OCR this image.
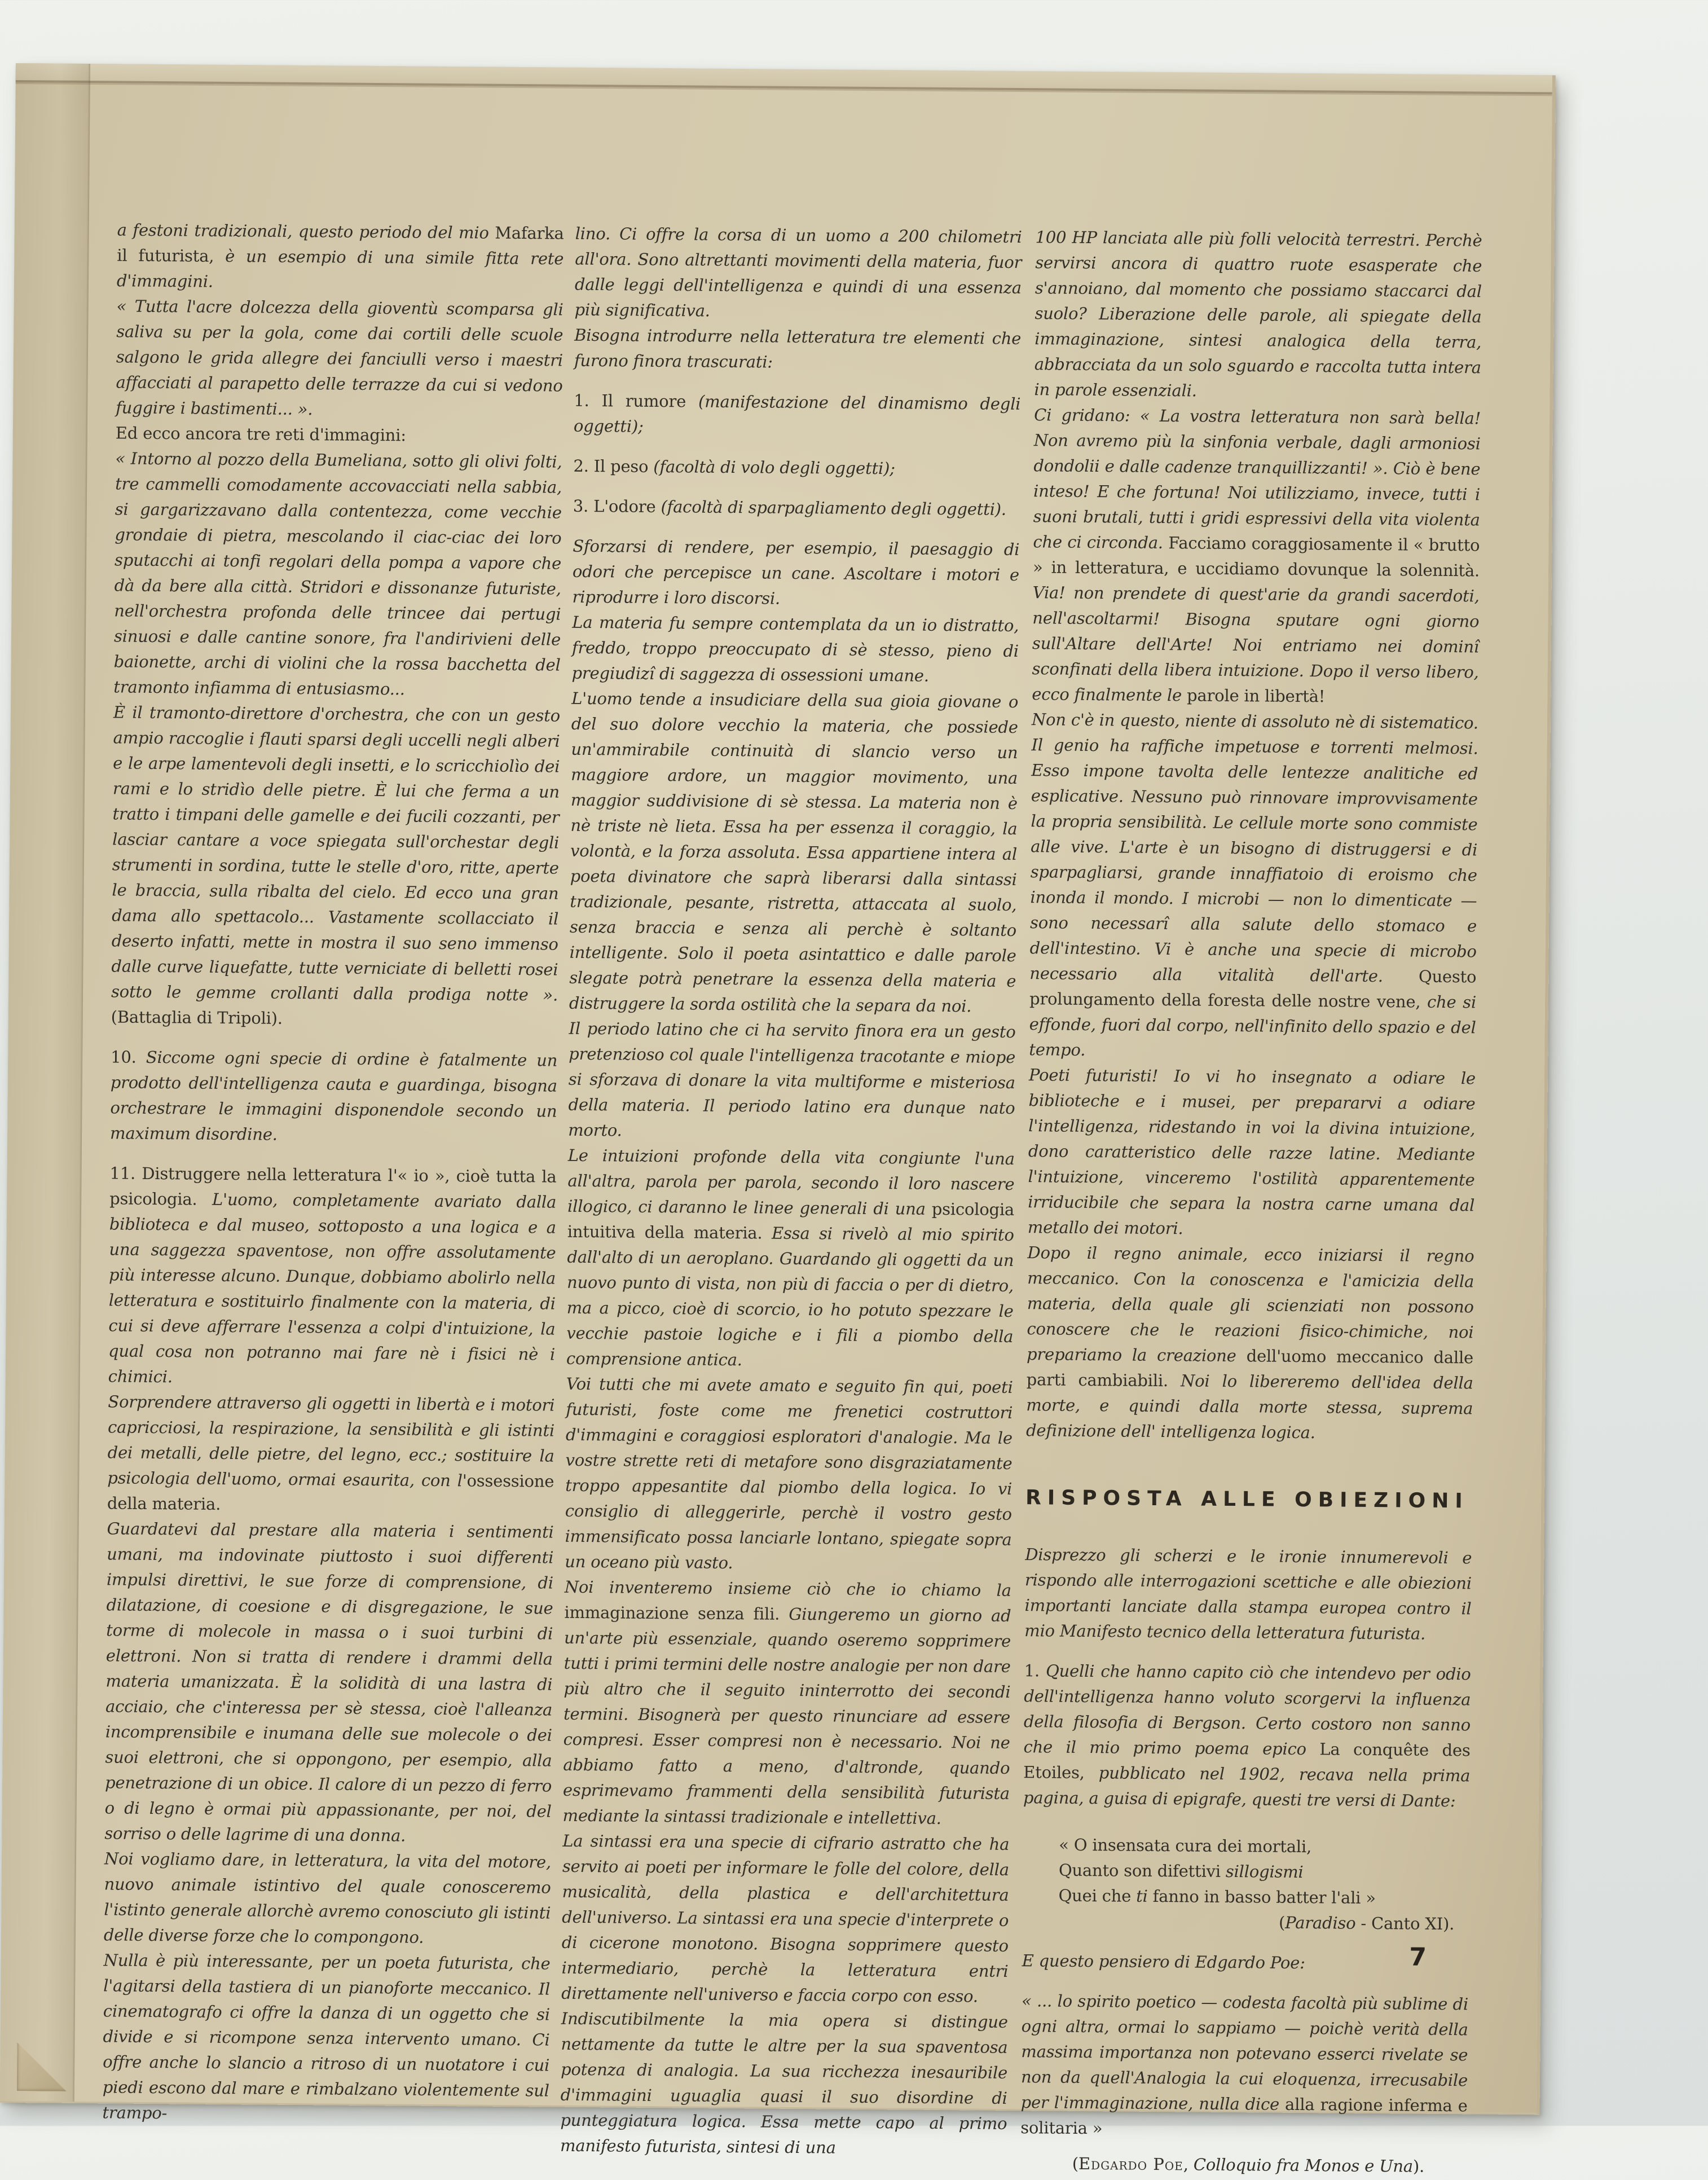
a festoni tradizionali, questo periodo del mio Mafarka il futurista, è un esempio di una simile fitta rete d'immagini.

« Tutta l'acre dolcezza della gioventù scomparsa gli saliva su per la gola, come dai cortili delle scuole salgono le grida allegre dei fanciulli verso i maestri affacciati al parapetto delle terrazze da cui si vedono fuggire i bastimenti... ».

Ed ecco ancora tre reti d'immagini:

« Intorno al pozzo della Bumeliana, sotto gli olivi folti, tre cammelli comodamente accovacciati nella sabbia, si gargarizzavano dalla contentezza, come vecchie grondaie di pietra, mescolando il ciac-ciac dei loro sputacchi ai tonfi regolari della pompa a vapore che dà da bere alla città. Stridori e dissonanze futuriste, nell'orchestra profonda delle trincee dai pertugi sinuosi e dalle cantine sonore, fra l'andirivieni delle baionette, archi di violini che la rossa bacchetta del tramonto infiamma di entusiasmo...

È il tramonto-direttore d'orchestra, che con un gesto ampio raccoglie i flauti sparsi degli uccelli negli alberi e le arpe lamentevoli degli insetti, e lo scricchiolìo dei rami e lo stridìo delle pietre. È lui che ferma a un tratto i timpani delle gamelle e dei fucili cozzanti, per lasciar cantare a voce spiegata sull'orchestar degli strumenti in sordina, tutte le stelle d'oro, ritte, aperte le braccia, sulla ribalta del cielo. Ed ecco una gran dama allo spettacolo... Vastamente scollacciato il deserto infatti, mette in mostra il suo seno immenso dalle curve liquefatte, tutte verniciate di belletti rosei sotto le gemme crollanti dalla prodiga notte ». (Battaglia di Tripoli).

10. Siccome ogni specie di ordine è fatalmente un prodotto dell'intelligenza cauta e guardinga, bisogna orchestrare le immagini disponendole secondo un maximum disordine.

11. Distruggere nella letteratura l'« io », cioè tutta la psicologia. L'uomo, completamente avariato dalla biblioteca e dal museo, sottoposto a una logica e a una saggezza spaventose, non offre assolutamente più interesse alcuno. Dunque, dobbiamo abolirlo nella letteratura e sostituirlo finalmente con la materia, di cui si deve afferrare l'essenza a colpi d'intuizione, la qual cosa non potranno mai fare nè i fisici nè i chimici.

Sorprendere attraverso gli oggetti in libertà e i motori capricciosi, la respirazione, la sensibilità e gli istinti dei metalli, delle pietre, del legno, ecc.; sostituire la psicologia dell'uomo, ormai esaurita, con l'ossessione della materia.

Guardatevi dal prestare alla materia i sentimenti umani, ma indovinate piuttosto i suoi differenti impulsi direttivi, le sue forze di comprensione, di dilatazione, di coesione e di disgregazione, le sue torme di molecole in massa o i suoi turbini di elettroni. Non si tratta di rendere i drammi della materia umanizzata. È la solidità di una lastra di acciaio, che c'interessa per sè stessa, cioè l'alleanza incomprensibile e inumana delle sue molecole o dei suoi elettroni, che si oppongono, per esempio, alla penetrazione di un obice. Il calore di un pezzo di ferro o di legno è ormai più appassionante, per noi, del sorriso o delle lagrime di una donna.

Noi vogliamo dare, in letteratura, la vita del motore, nuovo animale istintivo del quale conosceremo l'istinto generale allorchè avremo conosciuto gli istinti delle diverse forze che lo compongono.

Nulla è più interessante, per un poeta futurista, che l'agitarsi della tastiera di un pianoforte meccanico. Il cinematografo ci offre la danza di un oggetto che si divide e si ricompone senza intervento umano. Ci offre anche lo slancio a ritroso di un nuotatore i cui piedi escono dal mare e rimbalzano violentemente sul trampo-

lino. Ci offre la corsa di un uomo a 200 chilometri all'ora. Sono altrettanti movimenti della materia, fuor dalle leggi dell'intelligenza e quindi di una essenza più significativa.

Bisogna introdurre nella letteratura tre elementi che furono finora trascurati:

1. Il rumore (manifestazione del dinamismo degli oggetti);

2. Il peso (facoltà di volo degli oggetti);

3. L'odore (facoltà di sparpagliamento degli oggetti).

Sforzarsi di rendere, per esempio, il paesaggio di odori che percepisce un cane. Ascoltare i motori e riprodurre i loro discorsi.

La materia fu sempre contemplata da un io distratto, freddo, troppo preoccupato di sè stesso, pieno di pregiudizî di saggezza di ossessioni umane.

L'uomo tende a insudiciare della sua gioia giovane o del suo dolore vecchio la materia, che possiede un'ammirabile continuità di slancio verso un maggiore ardore, un maggior movimento, una maggior suddivisione di sè stessa. La materia non è nè triste nè lieta. Essa ha per essenza il coraggio, la volontà, e la forza assoluta. Essa appartiene intera al poeta divinatore che saprà liberarsi dalla sintassi tradizionale, pesante, ristretta, attaccata al suolo, senza braccia e senza ali perchè è soltanto intelligente. Solo il poeta asintattico e dalle parole slegate potrà penetrare la essenza della materia e distruggere la sorda ostilità che la separa da noi.

Il periodo latino che ci ha servito finora era un gesto pretenzioso col quale l'intelligenza tracotante e miope si sforzava di donare la vita multiforme e misteriosa della materia. Il periodo latino era dunque nato morto.

Le intuizioni profonde della vita congiunte l'una all'altra, parola per parola, secondo il loro nascere illogico, ci daranno le linee generali di una psicologia intuitiva della materia. Essa si rivelò al mio spirito dall'alto di un aeroplano. Guardando gli oggetti da un nuovo punto di vista, non più di faccia o per di dietro, ma a picco, cioè di scorcio, io ho potuto spezzare le vecchie pastoie logiche e i fili a piombo della comprensione antica.

Voi tutti che mi avete amato e seguito fin qui, poeti futuristi, foste come me frenetici costruttori d'immagini e coraggiosi esploratori d'analogie. Ma le vostre strette reti di metafore sono disgraziatamente troppo appesantite dal piombo della logica. Io vi consiglio di alleggerirle, perchè il vostro gesto immensificato possa lanciarle lontano, spiegate sopra un oceano più vasto.

Noi inventeremo insieme ciò che io chiamo la immaginazione senza fili. Giungeremo un giorno ad un'arte più essenziale, quando oseremo sopprimere tutti i primi termini delle nostre analogie per non dare più altro che il seguito ininterrotto dei secondi termini. Bisognerà per questo rinunciare ad essere compresi. Esser compresi non è necessario. Noi ne abbiamo fatto a meno, d'altronde, quando esprimevamo frammenti della sensibilità futurista mediante la sintassi tradizionale e intellettiva.

La sintassi era una specie di cifrario astratto che ha servito ai poeti per informare le folle del colore, della musicalità, della plastica e dell'architettura dell'universo. La sintassi era una specie d'interprete o di cicerone monotono. Bisogna sopprimere questo intermediario, perchè la letteratura entri direttamente nell'universo e faccia corpo con esso.

Indiscutibilmente la mia opera si distingue nettamente da tutte le altre per la sua spaventosa potenza di analogia. La sua ricchezza inesauribile d'immagini uguaglia quasi il suo disordine di punteggiatura logica. Essa mette capo al primo manifesto futurista, sintesi di una

100 HP lanciata alle più folli velocità terrestri. Perchè servirsi ancora di quattro ruote esasperate che s'annoiano, dal momento che possiamo staccarci dal suolo? Liberazione delle parole, ali spiegate della immaginazione, sintesi analogica della terra, abbracciata da un solo sguardo e raccolta tutta intera in parole essenziali.

Ci gridano: « La vostra letteratura non sarà bella! Non avremo più la sinfonia verbale, dagli armoniosi dondolii e dalle cadenze tranquillizzanti! ». Ciò è bene inteso! E che fortuna! Noi utilizziamo, invece, tutti i suoni brutali, tutti i gridi espressivi della vita violenta che ci circonda. Facciamo coraggiosamente il « brutto » in letteratura, e uccidiamo dovunque la solennità. Via! non prendete di quest'arie da grandi sacerdoti, nell'ascoltarmi! Bisogna sputare ogni giorno sull'Altare dell'Arte! Noi entriamo nei dominî sconfinati della libera intuizione. Dopo il verso libero, ecco finalmente le parole in libertà!

Non c'è in questo, niente di assoluto nè di sistematico. Il genio ha raffiche impetuose e torrenti melmosi. Esso impone tavolta delle lentezze analitiche ed esplicative. Nessuno può rinnovare improvvisamente la propria sensibilità. Le cellule morte sono commiste alle vive. L'arte è un bisogno di distruggersi e di sparpagliarsi, grande innaffiatoio di eroismo che inonda il mondo. I microbi — non lo dimenticate — sono necessarî alla salute dello stomaco e dell'intestino. Vi è anche una specie di microbo necessario alla vitalità dell'arte. Questo prolungamento della foresta delle nostre vene, che si effonde, fuori dal corpo, nell'infinito dello spazio e del tempo.

Poeti futuristi! Io vi ho insegnato a odiare le biblioteche e i musei, per prepararvi a odiare l'intelligenza, ridestando in voi la divina intuizione, dono caratteristico delle razze latine. Mediante l'intuizione, vinceremo l'ostilità apparentemente irriducibile che separa la nostra carne umana dal metallo dei motori.

Dopo il regno animale, ecco iniziarsi il regno meccanico. Con la conoscenza e l'amicizia della materia, della quale gli scienziati non possono conoscere che le reazioni fisico-chimiche, noi prepariamo la creazione dell'uomo meccanico dalle parti cambiabili. Noi lo libereremo dell'idea della morte, e quindi dalla morte stessa, suprema definizione dell' intelligenza logica.

RISPOSTA ALLE OBIEZIONI

Disprezzo gli scherzi e le ironie innumerevoli e rispondo alle interrogazioni scettiche e alle obiezioni importanti lanciate dalla stampa europea contro il mio Manifesto tecnico della letteratura futurista.

1. Quelli che hanno capito ciò che intendevo per odio dell'intelligenza hanno voluto scorgervi la influenza della filosofia di Bergson. Certo costoro non sanno che il mio primo poema epico La conquête des Etoiles, pubblicato nel 1902, recava nella prima pagina, a guisa di epigrafe, questi tre versi di Dante:

« O insensata cura dei mortali,

Quanto son difettivi sillogismi

Quei che ti fanno in basso batter l'ali »

(Paradiso - Canto XI).

E questo pensiero di Edgardo Poe:

« ... lo spirito poetico — codesta facoltà più sublime di ogni altra, ormai lo sappiamo — poichè verità della massima importanza non potevano esserci rivelate se non da quell'Analogia la cui eloquenza, irrecusabile per l'immaginazione, nulla dice alla ragione inferma e solitaria »

(Edgardo Poe, Colloquio fra Monos e Una).

7
